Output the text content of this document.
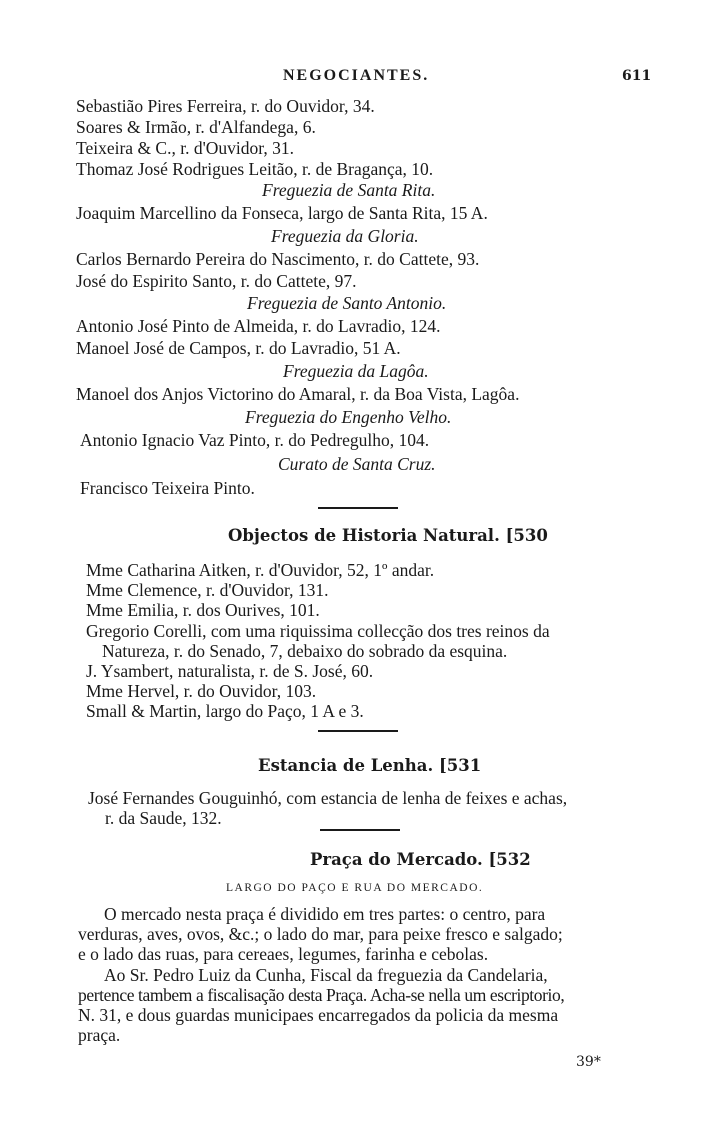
NEGOCIANTES.	611
Sebastião Pires Ferreira, r. do Ouvidor, 34.
Soares & Irmão, r. d'Alfandega, 6.
Teixeira & C., r. d'Ouvidor, 31.
Thomaz José Rodrigues Leitão, r. de Bragança, 10.
Freguezia de Santa Rita.
Joaquim Marcellino da Fonseca, largo de Santa Rita, 15 A.
Freguezia da Gloria.
Carlos Bernardo Pereira do Nascimento, r. do Cattete, 93.
José do Espirito Santo, r. do Cattete, 97.
Freguezia de Santo Antonio.
Antonio José Pinto de Almeida, r. do Lavradio, 124.
Manoel José de Campos, r. do Lavradio, 51 A.
Freguezia da Lagôa.
Manoel dos Anjos Victorino do Amaral, r. da Boa Vista, Lagôa.
Freguezia do Engenho Velho.
Antonio Ignacio Vaz Pinto, r. do Pedregulho, 104.
Curato de Santa Cruz.
Francisco Teixeira Pinto.
Objectos de Historia Natural. [530
Mme Catharina Aitken, r. d'Ouvidor, 52, 1º andar.
Mme Clemence, r. d'Ouvidor, 131.
Mme Emilia, r. dos Ourives, 101.
Gregorio Corelli, com uma riquissima collecção dos tres reinos da
Natureza, r. do Senado, 7, debaixo do sobrado da esquina.
J. Ysambert, naturalista, r. de S. José, 60.
Mme Hervel, r. do Ouvidor, 103.
Small & Martin, largo do Paço, 1 A e 3.
Estancia de Lenha. [531
José Fernandes Gouguinhó, com estancia de lenha de feixes e achas,
r. da Saude, 132.
Praça do Mercado. [532
LARGO DO PAÇO E RUA DO MERCADO.
O mercado nesta praça é dividido em tres partes: o centro, para
verduras, aves, ovos, &c.; o lado do mar, para peixe fresco e salgado;
e o lado das ruas, para cereaes, legumes, farinha e cebolas.
Ao Sr. Pedro Luiz da Cunha, Fiscal da freguezia da Candelaria,
pertence tambem a fiscalisação desta Praça. Acha-se nella um escriptorio,
N. 31, e dous guardas municipaes encarregados da policia da mesma
praça.
39*
